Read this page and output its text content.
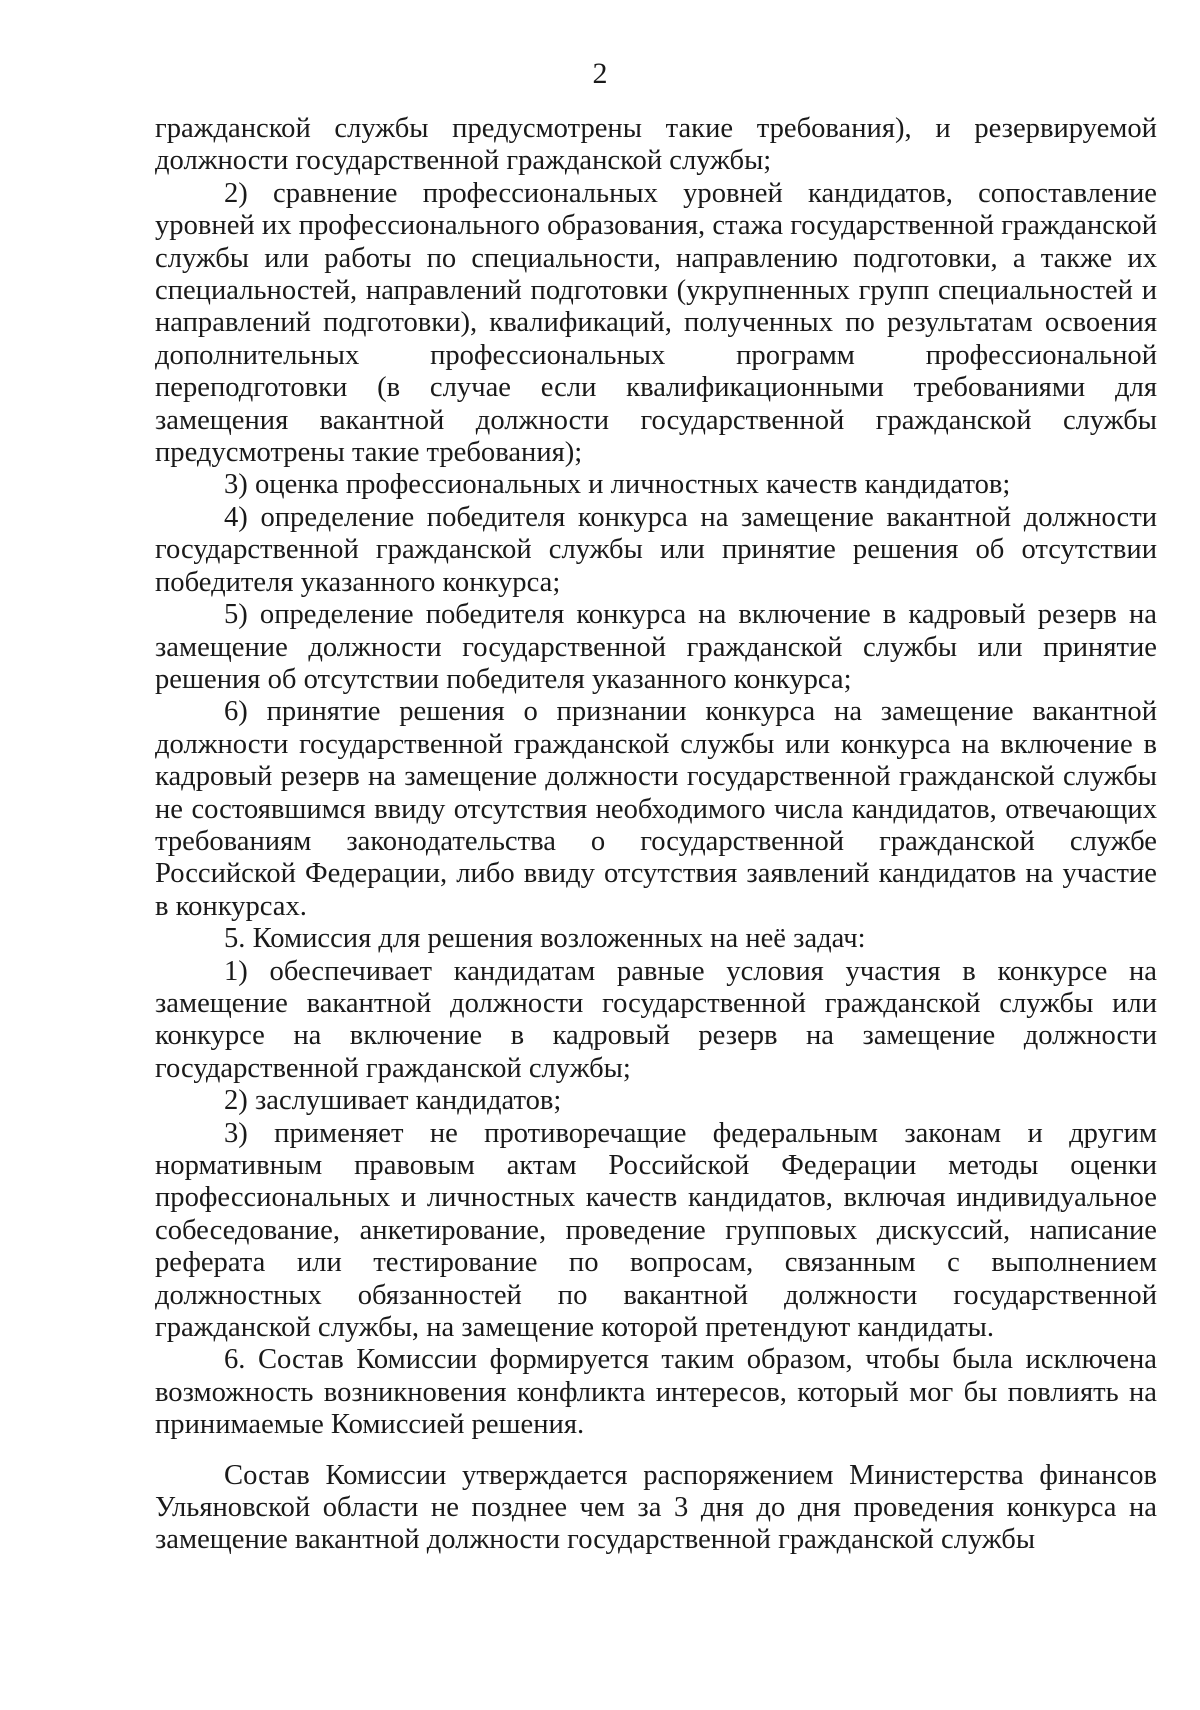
2

гражданской службы предусмотрены такие требования), и резервируемой должности государственной гражданской службы;

2) сравнение профессиональных уровней кандидатов, сопоставление уровней их профессионального образования, стажа государственной гражданской службы или работы по специальности, направлению подготовки, а также их специальностей, направлений подготовки (укрупненных групп специальностей и направлений подготовки), квалификаций, полученных по результатам освоения дополнительных профессиональных программ профессиональной переподготовки (в случае если квалификационными требованиями для замещения вакантной должности государственной гражданской службы предусмотрены такие требования);

3) оценка профессиональных и личностных качеств кандидатов;

4) определение победителя конкурса на замещение вакантной должности государственной гражданской службы или принятие решения об отсутствии победителя указанного конкурса;

5) определение победителя конкурса на включение в кадровый резерв на замещение должности государственной гражданской службы или принятие решения об отсутствии победителя указанного конкурса;

6) принятие решения о признании конкурса на замещение вакантной должности государственной гражданской службы или конкурса на включение в кадровый резерв на замещение должности государственной гражданской службы не состоявшимся ввиду отсутствия необходимого числа кандидатов, отвечающих требованиям законодательства о государственной гражданской службе Российской Федерации, либо ввиду отсутствия заявлений кандидатов на участие в конкурсах.

5. Комиссия для решения возложенных на неё задач:

1) обеспечивает кандидатам равные условия участия в конкурсе на замещение вакантной должности государственной гражданской службы или конкурсе на включение в кадровый резерв на замещение должности государственной гражданской службы;

2) заслушивает кандидатов;

3) применяет не противоречащие федеральным законам и другим нормативным правовым актам Российской Федерации методы оценки профессиональных и личностных качеств кандидатов, включая индивидуальное собеседование, анкетирование, проведение групповых дискуссий, написание реферата или тестирование по вопросам, связанным с выполнением должностных обязанностей по вакантной должности государственной гражданской службы, на замещение которой претендуют кандидаты.

6. Состав Комиссии формируется таким образом, чтобы была исключена возможность возникновения конфликта интересов, который мог бы повлиять на принимаемые Комиссией решения.

Состав Комиссии утверждается распоряжением Министерства финансов Ульяновской области не позднее чем за 3 дня до дня проведения конкурса на замещение вакантной должности государственной гражданской службы
